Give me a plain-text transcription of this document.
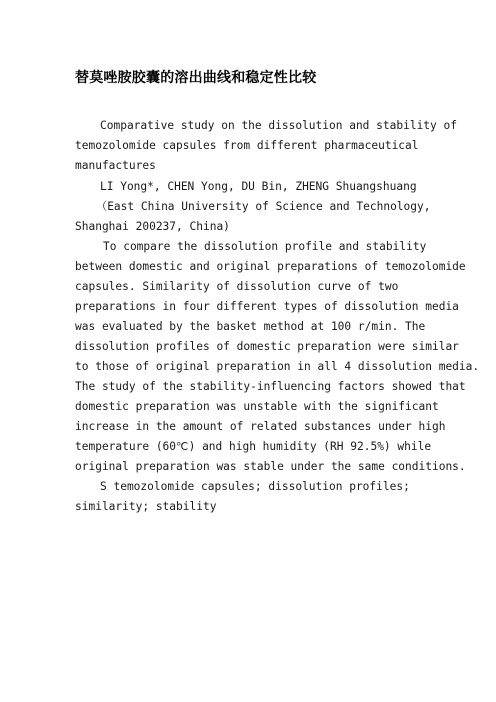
替莫唑胺胶囊的溶出曲线和稳定性比较
Comparative study on the dissolution and stability of
temozolomide capsules from different pharmaceutical
manufactures
LI Yong*, CHEN Yong, DU Bin, ZHENG Shuangshuang
（East China University of Science and Technology,
Shanghai 200237, China)
To compare the dissolution profile and stability
between domestic and original preparations of temozolomide
capsules. Similarity of dissolution curve of two
preparations in four different types of dissolution media
was evaluated by the basket method at 100 r/min. The
dissolution profiles of domestic preparation were similar
to those of original preparation in all 4 dissolution media.
The study of the stability-influencing factors showed that
domestic preparation was unstable with the significant
increase in the amount of related substances under high
temperature (60℃) and high humidity (RH 92.5%) while
original preparation was stable under the same conditions.
S temozolomide capsules; dissolution profiles;
similarity; stability
